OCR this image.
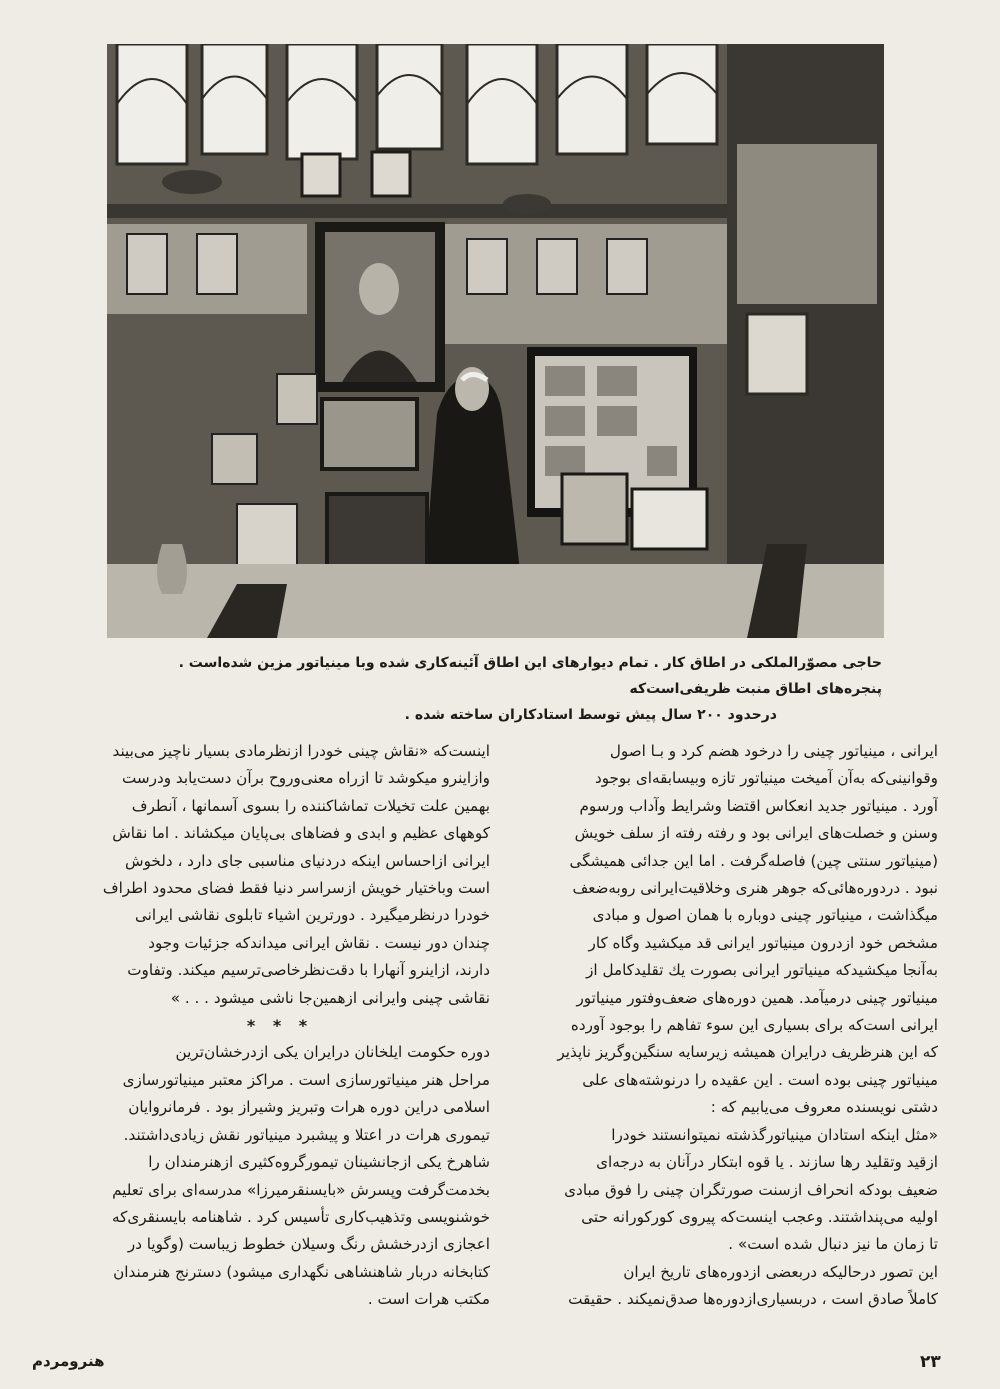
حاجی مصوّرالملکی در اطاق کار . تمام دیوارهای این اطاق آئینه‌کاری شده وبا مینیاتور مزین شده‌است . پنجره‌های اطاق منبت ظریفی‌است‌که

درحدود ۲۰۰ سال پیش توسط استادکاران ساخته شده .

ایرانی ، مینیاتور چینی را درخود هضم کرد و بـا اصول

وقوانینی‌که به‌آن آمیخت مینیاتور تازه وبیسابقه‌ای بوجود

آورد . مینیاتور جدید انعکاس اقتضا وشرایط وآداب ورسوم

وسنن و خصلت‌های ایرانی بود و رفته رفته از سلف خویش

(مینیاتور سنتی چین) فاصله‌گرفت . اما این جدائی همیشگی

نبود . دردوره‌هائی‌که جوهر هنری وخلاقیت‌ایرانی روبه‌ضعف

میگذاشت ، مینیاتور چینی دوباره با همان اصول و مبادی

مشخص خود ازدرون مینیاتور ایرانی قد میکشید وگاه کار

به‌آنجا میکشیدکه مینیاتور ایرانی بصورت یك تقلیدکامل از

مینیاتور چینی درمیآمد. همین دوره‌های ضعف‌وفتور مینیاتور

ایرانی است‌که برای بسیاری این سوء تفاهم را بوجود آورده

که این هنرظریف درایران همیشه زیرسایه سنگین‌وگریز ناپذیر

مینیاتور چینی بوده است . این عقیده را درنوشته‌های علی

دشتی نویسنده معروف می‌یابیم که :

«مثل اینکه استادان مینیاتورگذشته نمیتوانستند خودرا

ازقید وتقلید رها سازند . یا قوه ابتکار درآنان به درجه‌ای

ضعیف بودکه انحراف ازسنت صورتگران چینی را فوق مبادی

اولیه می‌پنداشتند. وعجب اینست‌که پیروی کورکورانه حتی

تا زمان ما نیز دنبال شده است» .

این تصور درحالیکه دربعضی ازدوره‌های تاریخ ایران

کاملاً صادق است ، دربسیاری‌ازدوره‌ها صدق‌نمیکند . حقیقت

اینست‌که «نقاش چینی خودرا ازنظرمادی بسیار ناچیز می‌بیند

وازاینرو میکوشد تا ازراه معنی‌وروح برآن دست‌یابد ودرست

بهمین علت تخیلات تماشاکننده را بسوی آسمانها ، آنطرف

کوههای عظیم و ابدی و فضاهای بی‌پایان میکشاند . اما نقاش

ایرانی ازاحساس اینکه دردنیای مناسبی جای دارد ، دلخوش

است وباختیار خویش ازسراسر دنیا فقط فضای محدود اطراف

خودرا درنظرمیگیرد . دورترین اشیاء تابلوی نقاشی ایرانی

چندان دور نیست . نقاش ایرانی میداندکه جزئیات وجود

دارند، ازاینرو آنهارا با دقت‌نظرخاصی‌ترسیم میکند. وتفاوت

نقاشی چینی وایرانی ازهمین‌جا ناشی میشود . . . »

* * *

دوره حکومت ایلخانان درایران یکی ازدرخشان‌ترین

مراحل هنر مینیاتورسازی است . مراکز معتبر مینیاتورسازی

اسلامی دراین دوره هرات وتبریز وشیراز بود . فرمانروایان

تیموری هرات در اعتلا و پیشبرد مینیاتور نقش زیادی‌داشتند.

شاهرخ یکی ازجانشینان تیمورگروه‌کثیری ازهنرمندان را

بخدمت‌گرفت وپسرش «بایسنقرمیرزا» مدرسه‌ای برای تعلیم

خوشنویسی وتذهیب‌کاری تأسیس کرد . شاهنامه بایسنقری‌که

اعجازی ازدرخشش رنگ وسیلان خطوط زیباست (وگویا در

کتابخانه دربار شاهنشاهی نگهداری میشود) دسترنج هنرمندان

مکتب هرات است .

۲۳
هنرومردم
